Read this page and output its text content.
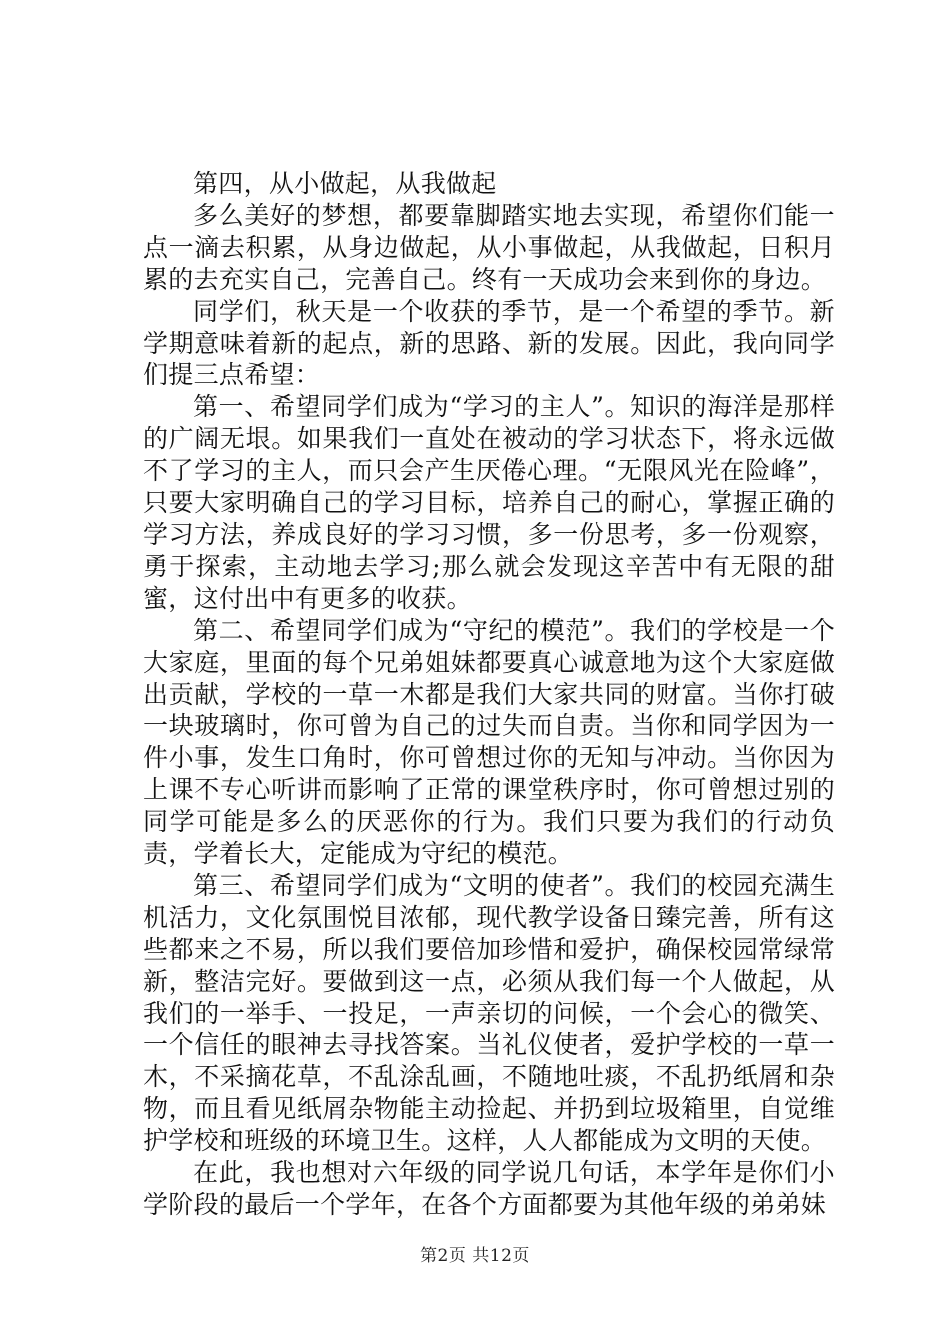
第四，从小做起，从我做起

多么美好的梦想，都要靠脚踏实地去实现，希望你们能一点一滴去积累，从身边做起，从小事做起，从我做起，日积月累的去充实自己，完善自己。终有一天成功会来到你的身边。

同学们，秋天是一个收获的季节，是一个希望的季节。新学期意味着新的起点，新的思路、新的发展。因此，我向同学们提三点希望：

第一、希望同学们成为“学习的主人”。知识的海洋是那样的广阔无垠。如果我们一直处在被动的学习状态下，将永远做不了学习的主人，而只会产生厌倦心理。“无限风光在险峰”，只要大家明确自己的学习目标，培养自己的耐心，掌握正确的学习方法，养成良好的学习习惯，多一份思考，多一份观察，勇于探索，主动地去学习;那么就会发现这辛苦中有无限的甜蜜，这付出中有更多的收获。

第二、希望同学们成为“守纪的模范”。我们的学校是一个大家庭，里面的每个兄弟姐妹都要真心诚意地为这个大家庭做出贡献，学校的一草一木都是我们大家共同的财富。当你打破一块玻璃时，你可曾为自己的过失而自责。当你和同学因为一件小事，发生口角时，你可曾想过你的无知与冲动。当你因为上课不专心听讲而影响了正常的课堂秩序时，你可曾想过别的同学可能是多么的厌恶你的行为。我们只要为我们的行动负责，学着长大，定能成为守纪的模范。

第三、希望同学们成为“文明的使者”。我们的校园充满生机活力，文化氛围悦目浓郁，现代教学设备日臻完善，所有这些都来之不易，所以我们要倍加珍惜和爱护，确保校园常绿常新，整洁完好。要做到这一点，必须从我们每一个人做起，从我们的一举手、一投足，一声亲切的问候，一个会心的微笑、一个信任的眼神去寻找答案。当礼仪使者，爱护学校的一草一木，不采摘花草，不乱涂乱画，不随地吐痰，不乱扔纸屑和杂物，而且看见纸屑杂物能主动捡起、并扔到垃圾箱里，自觉维护学校和班级的环境卫生。这样，人人都能成为文明的天使。

在此，我也想对六年级的同学说几句话，本学年是你们小学阶段的最后一个学年，在各个方面都要为其他年级的弟弟妹

第2页 共12页
